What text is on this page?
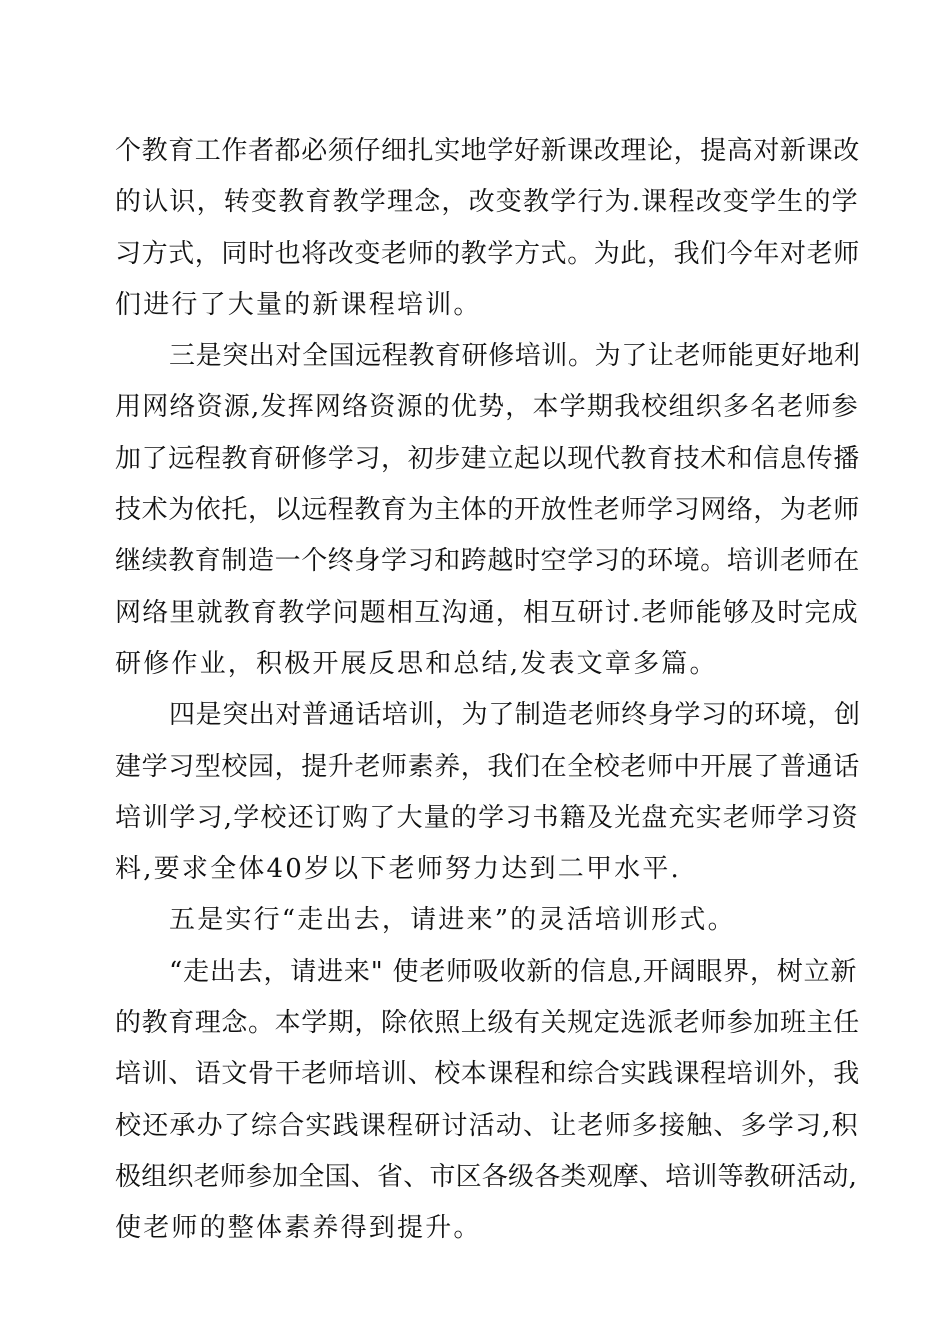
个教育工作者都必须仔细扎实地学好新课改理论，提高对新课改
的认识，转变教育教学理念，改变教学行为.课程改变学生的学
习方式，同时也将改变老师的教学方式。为此，我们今年对老师
们进行了大量的新课程培训。
三是突出对全国远程教育研修培训。为了让老师能更好地利
用网络资源,发挥网络资源的优势，本学期我校组织多名老师参
加了远程教育研修学习，初步建立起以现代教育技术和信息传播
技术为依托，以远程教育为主体的开放性老师学习网络，为老师
继续教育制造一个终身学习和跨越时空学习的环境。培训老师在
网络里就教育教学问题相互沟通，相互研讨.老师能够及时完成
研修作业，积极开展反思和总结,发表文章多篇。
四是突出对普通话培训，为了制造老师终身学习的环境，创
建学习型校园，提升老师素养，我们在全校老师中开展了普通话
培训学习,学校还订购了大量的学习书籍及光盘充实老师学习资
料,要求全体40岁以下老师努力达到二甲水平.
五是实行“走出去，请进来”的灵活培训形式。
“走出去，请进来" 使老师吸收新的信息,开阔眼界，树立新
的教育理念。本学期，除依照上级有关规定选派老师参加班主任
培训、语文骨干老师培训、校本课程和综合实践课程培训外，我
校还承办了综合实践课程研讨活动、让老师多接触、多学习,积
极组织老师参加全国、省、市区各级各类观摩、培训等教研活动,
使老师的整体素养得到提升。
